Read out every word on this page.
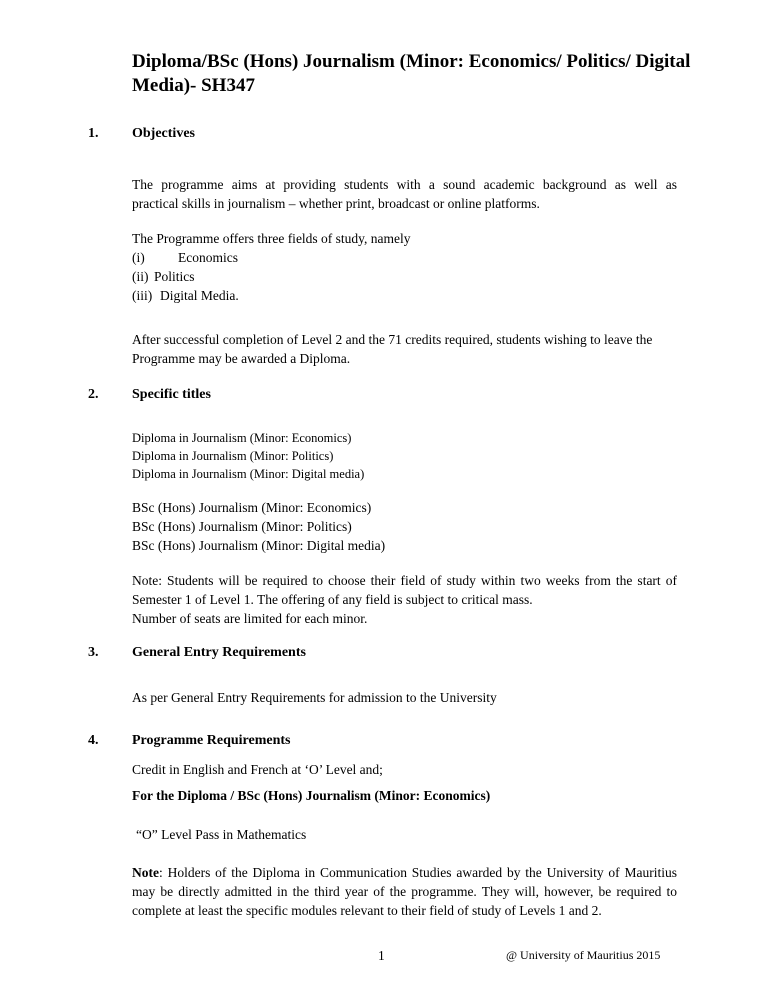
Diploma/BSc (Hons) Journalism (Minor: Economics/ Politics/ Digital
Media)- SH347
1. Objectives
The programme aims at providing students with a sound academic background as well as
practical skills in journalism – whether print, broadcast or online platforms.
The Programme offers three fields of study, namely
(i) Economics
(ii) Politics
(iii) Digital Media.
After successful completion of Level 2 and the 71 credits required, students wishing to leave the
Programme may be awarded a Diploma.
2. Specific titles
Diploma in Journalism (Minor: Economics)
Diploma in Journalism (Minor: Politics)
Diploma in Journalism (Minor: Digital media)
BSc (Hons) Journalism (Minor: Economics)
BSc (Hons) Journalism (Minor: Politics)
BSc (Hons) Journalism (Minor: Digital media)
Note: Students will be required to choose their field of study within two weeks from the start of
Semester 1 of Level 1. The offering of any field is subject to critical mass.
Number of seats are limited for each minor.
3. General Entry Requirements
As per General Entry Requirements for admission to the University
4. Programme Requirements
Credit in English and French at ‘O’ Level and;
For the Diploma / BSc (Hons) Journalism (Minor: Economics)
“O” Level Pass in Mathematics
Note: Holders of the Diploma in Communication Studies awarded by the University of Mauritius
may be directly admitted in the third year of the programme. They will, however, be required to
complete at least the specific modules relevant to their field of study of Levels 1 and 2.
1	@ University of Mauritius 2015
